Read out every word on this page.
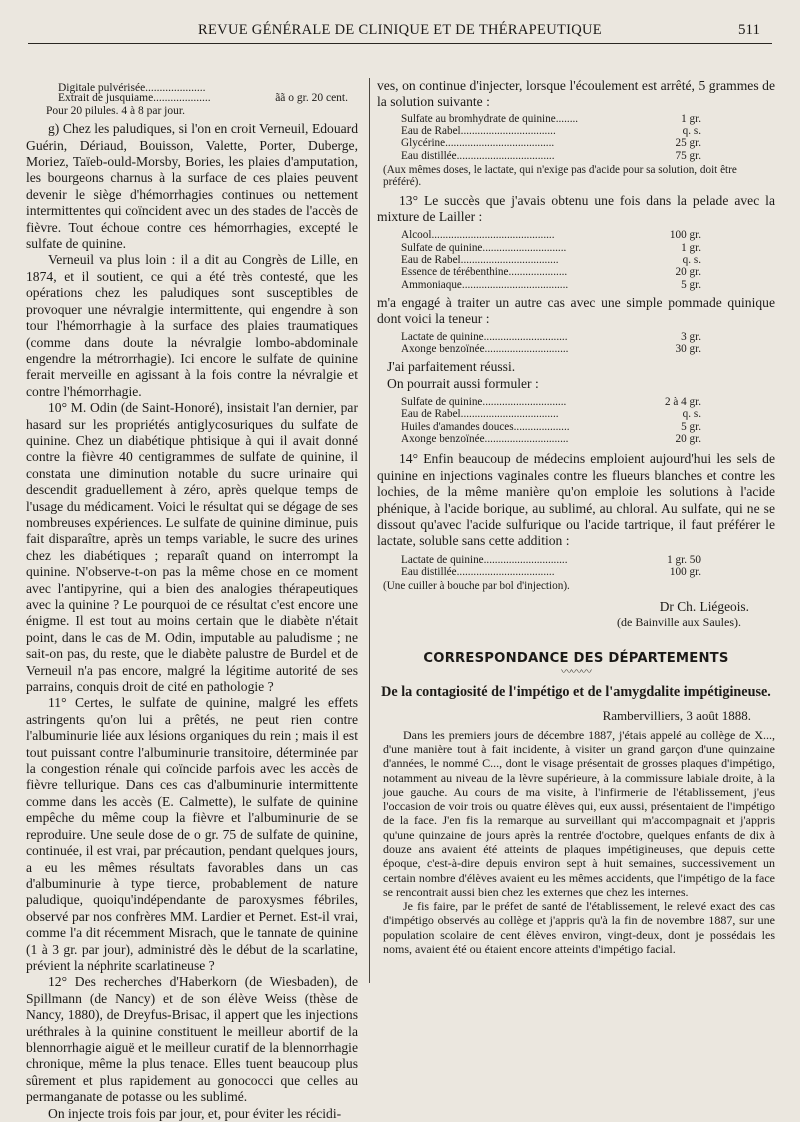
REVUE GÉNÉRALE DE CLINIQUE ET DE THÉRAPEUTIQUE	511
Digitale pulvérisée.....................
Extrait de jusquiame....................	ãã o gr. 20 cent.
Pour 20 pilules. 4 à 8 par jour.

g) Chez les paludiques, si l'on en croit Verneuil, Edouard Guérin, Dériaud, Bouisson, Valette, Porter, Duberge, Moriez, Taïeb-ould-Morsby, Bories, les plaies d'amputation, les bourgeons charnus à la surface de ces plaies peuvent devenir le siège d'hémorrhagies continues ou nettement intermittentes qui coïncident avec un des stades de l'accès de fièvre. Tout échoue contre ces hémorrhagies, excepté le sulfate de quinine.

Verneuil va plus loin : il a dit au Congrès de Lille, en 1874, et il soutient, ce qui a été très contesté, que les opérations chez les paludiques sont susceptibles de provoquer une névralgie intermittente, qui engendre à son tour l'hémorrhagie à la surface des plaies traumatiques (comme dans doute la névralgie lombo-abdominale engendre la métrorrhagie). Ici encore le sulfate de quinine ferait merveille en agissant à la fois contre la névralgie et contre l'hémorrhagie.

10° M. Odin (de Saint-Honoré), insistait l'an dernier, par hasard sur les propriétés antiglycosuriques du sulfate de quinine. Chez un diabétique phtisique à qui il avait donné contre la fièvre 40 centigrammes de sulfate de quinine, il constata une diminution notable du sucre urinaire qui descendit graduellement à zéro, après quelque temps de l'usage du médicament. Voici le résultat qui se dégage de ses nombreuses expériences. Le sulfate de quinine diminue, puis fait disparaître, après un temps variable, le sucre des urines chez les diabétiques ; reparaît quand on interrompt la quinine. N'observe-t-on pas la même chose en ce moment avec l'antipyrine, qui a bien des analogies thérapeutiques avec la quinine ? Le pourquoi de ce résultat c'est encore une énigme. Il est tout au moins certain que le diabète n'était point, dans le cas de M. Odin, imputable au paludisme ; ne sait-on pas, du reste, que le diabète palustre de Burdel et de Verneuil n'a pas encore, malgré la légitime autorité de ses parrains, conquis droit de cité en pathologie ?

11° Certes, le sulfate de quinine, malgré les effets astringents qu'on lui a prêtés, ne peut rien contre l'albuminurie liée aux lésions organiques du rein ; mais il est tout puissant contre l'albuminurie transitoire, déterminée par la congestion rénale qui coïncide parfois avec les accès de fièvre tellurique. Dans ces cas d'albuminurie intermittente comme dans les accès (E. Calmette), le sulfate de quinine empêche du même coup la fièvre et l'albuminurie de se reproduire. Une seule dose de o gr. 75 de sulfate de quinine, continuée, il est vrai, par précaution, pendant quelques jours, a eu les mêmes résultats favorables dans un cas d'albuminurie à type tierce, probablement de nature paludique, quoiqu'indépendante de paroxysmes fébriles, observé par nos confrères MM. Lardier et Pernet. Est-il vrai, comme l'a dit récemment Misrach, que le tannate de quinine (1 à 3 gr. par jour), administré dès le début de la scarlatine, prévient la néphrite scarlatineuse ?

12° Des recherches d'Haberkorn (de Wiesbaden), de Spillmann (de Nancy) et de son élève Weiss (thèse de Nancy, 1880), de Dreyfus-Brisac, il appert que les injections uréthrales à la quinine constituent le meilleur abortif de la blennorrhagie aiguë et le meilleur curatif de la blennorrhagie chronique, même la plus tenace. Elles tuent beaucoup plus sûrement et plus rapidement au gonococci que celles au permanganate de potasse ou les sublimé.

On injecte trois fois par jour, et, pour éviter les récidi-

ves, on continue d'injecter, lorsque l'écoulement est arrêté, 5 grammes de la solution suivante :

Sulfate au bromhydrate de quinine........	1 gr.
Eau de Rabel..................................	q. s.
Glycérine.......................................	25 gr.
Eau distillée...................................	75 gr.
(Aux mêmes doses, le lactate, qui n'exige pas d'acide pour sa solution, doit être préféré).

13° Le succès que j'avais obtenu une fois dans la pelade avec la mixture de Lailler :

Alcool............................................	100 gr.
Sulfate de quinine..............................	1 gr.
Eau de Rabel...................................	q. s.
Essence de térébenthine.....................	20 gr.
Ammoniaque......................................	5 gr.

m'a engagé à traiter un autre cas avec une simple pommade quinique dont voici la teneur :

Lactate de quinine..............................	3 gr.
Axonge benzoïnée..............................	30 gr.

J'ai parfaitement réussi.

On pourrait aussi formuler :

Sulfate de quinine..............................	2 à 4 gr.
Eau de Rabel...................................	q. s.
Huiles d'amandes douces....................	5 gr.
Axonge benzoïnée..............................	20 gr.

14° Enfin beaucoup de médecins emploient aujourd'hui les sels de quinine en injections vaginales contre les flueurs blanches et contre les lochies, de la même manière qu'on emploie les solutions à l'acide phénique, à l'acide borique, au sublimé, au chloral. Au sulfate, qui ne se dissout qu'avec l'acide sulfurique ou l'acide tartrique, il faut préférer le lactate, soluble sans cette addition :

Lactate de quinine..............................	1 gr. 50
Eau distillée...................................	100 gr.
(Une cuiller à bouche par bol d'injection).
Dr Ch. Liégeois.
(de Bainville aux Saules).
CORRESPONDANCE DES DÉPARTEMENTS
〰〰〰
De la contagiosité de l'impétigo et de l'amygdalite impétigineuse.
Rambervilliers, 3 août 1888.

Dans les premiers jours de décembre 1887, j'étais appelé au collège de X..., d'une manière tout à fait incidente, à visiter un grand garçon d'une quinzaine d'années, le nommé C..., dont le visage présentait de grosses plaques d'impétigo, notamment au niveau de la lèvre supérieure, à la commissure labiale droite, à la joue gauche. Au cours de ma visite, à l'infirmerie de l'établissement, j'eus l'occasion de voir trois ou quatre élèves qui, eux aussi, présentaient de l'impétigo de la face. J'en fis la remarque au surveillant qui m'accompagnait et j'appris qu'une quinzaine de jours après la rentrée d'octobre, quelques enfants de dix à douze ans avaient été atteints de plaques impétigineuses, que depuis cette époque, c'est-à-dire depuis environ sept à huit semaines, successivement un certain nombre d'élèves avaient eu les mêmes accidents, que l'impétigo de la face se rencontrait aussi bien chez les externes que chez les internes.

Je fis faire, par le préfet de santé de l'établissement, le relevé exact des cas d'impétigo observés au collège et j'appris qu'à la fin de novembre 1887, sur une population scolaire de cent élèves environ, vingt-deux, dont je possédais les noms, avaient été ou étaient encore atteints d'impétigo facial.
